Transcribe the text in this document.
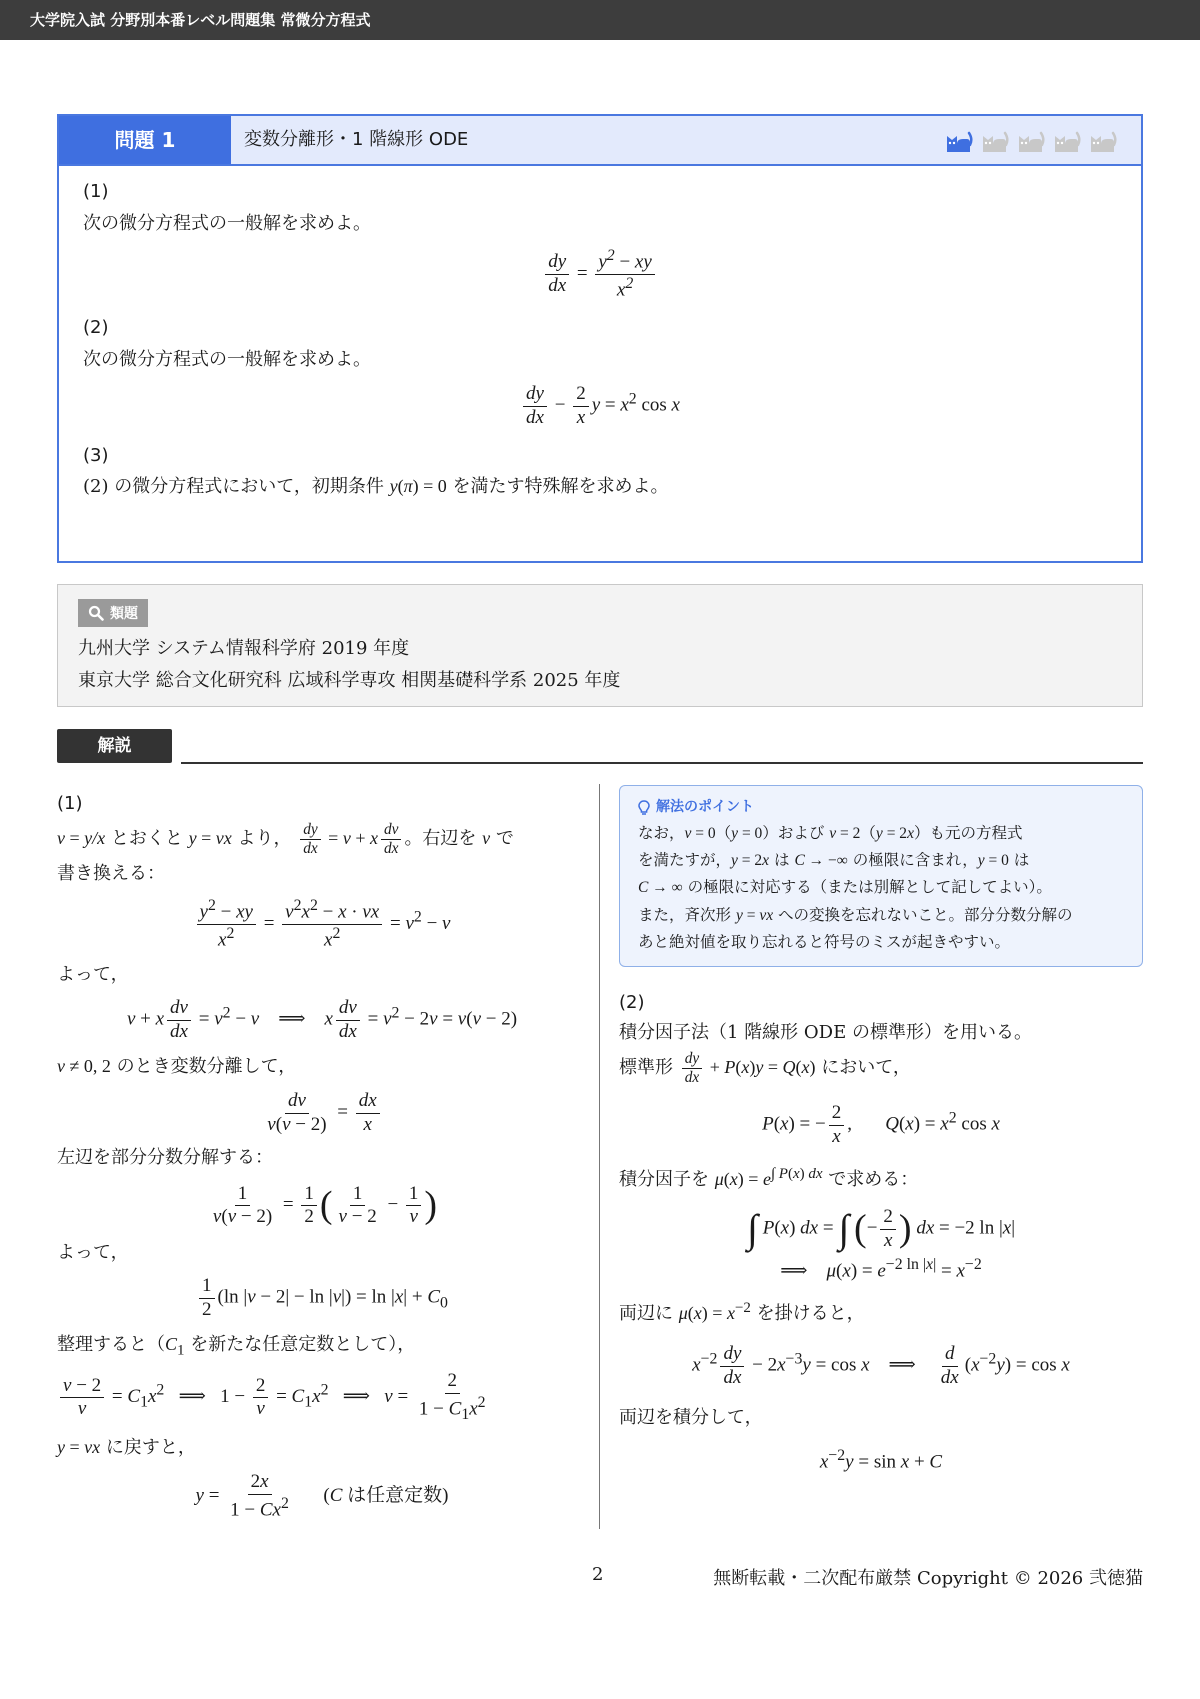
大学院入試 分野別本番レベル問題集 常微分方程式
問題 1	変数分離形・1 階線形 ODE
(1)
次の微分方程式の一般解を求めよ。
$\frac{dy}{dx} = \frac{y^2 - xy}{x^2}$
(2)
次の微分方程式の一般解を求めよ。
$\frac{dy}{dx} - \frac{2}{x}$ $y = x^2$ cos x
(3)
(2) の微分方程式において，初期条件 y(π) = 0 を満たす特殊解を求めよ。
類題
九州大学 システム情報科学府 2019 年度
東京大学 総合文化研究科 広域科学専攻 相関基礎科学系 2025 年度
解説
(1)
v = y/x とおくと y = vx より， $\frac{dy}{dx} = v + x \frac{dv}{dx}$ 。右辺を v で
書き換える：
$\frac{y^2 - xy}{x^2} = \frac{v^2x^2 - x \cdot vx}{x^2} = v^2 - v$
よって，
v + x $\frac{dv}{dx} = v^2 - v$    ⟹    x $\frac{dv}{dx} = v^2 - 2v = v(v - 2)$
v ≠ 0, 2 のとき変数分離して，
$\frac{dv}{v(v - 2)} = \frac{dx}{x}$
左辺を部分分数分解する：
$\frac{1}{v(v - 2)} = \frac{1}{2}$ ( $\frac{1}{v - 2} - \frac{1}{v}$ )
よって，
$\frac{1}{2} (\ln$ $|v - 2| - \ln |v|) = \ln |x| + C_0$
整理すると（$C_1$ を新たな任意定数として），
$\frac{v - 2}{v} = C_1x^2$ ⟹ $1 - \frac{2}{v} = C_1x^2$ ⟹   $v = \frac{2}{1 - C_1x^2}$
y = vx に戻すと，
$y = \frac{2x}{1 - Cx^2} (C$ は任意定数)
解法のポイント
なお，v = 0（y = 0）および v = 2（y = 2x）も元の方程式
を満たすが，y = 2x は C → −∞ の極限に含まれ，y = 0 は
C → ∞ の極限に対応する（または別解として記してよい）。
また，斉次形 y = vx への変換を忘れないこと。部分分数分解の
あと絶対値を取り忘れると符号のミスが起きやすい。
(2)
積分因子法（1 階線形 ODE の標準形）を用いる。
標準形 $\frac{dy}{dx} + P(x)y = Q(x)$ において，
P(x) = − $\frac{2}{x}$ ,       $Q(x) = x^2$ cos x
積分因子を $\mu(x) = e^{\int P(x) dx}$ で求める：
∫ P(x) dx = ∫ (− $\frac{2}{x}$ ) dx = −2 ln |x|
⟹    $\mu(x) = e^{-2 ln |x|} = x^{-2}$
両辺に $\mu(x) = x^{-2}$ を掛けると，
$x^{-2} \frac{dy}{dx} - 2x^{-3}y = \cos x$    ⟹ $\frac{d}{dx} (x^{-2}y) = \cos x$
両辺を積分して，
$x^{-2}y = \sin x + C$
2	無断転載・二次配布厳禁 Copyright © 2026 弐徳猫
